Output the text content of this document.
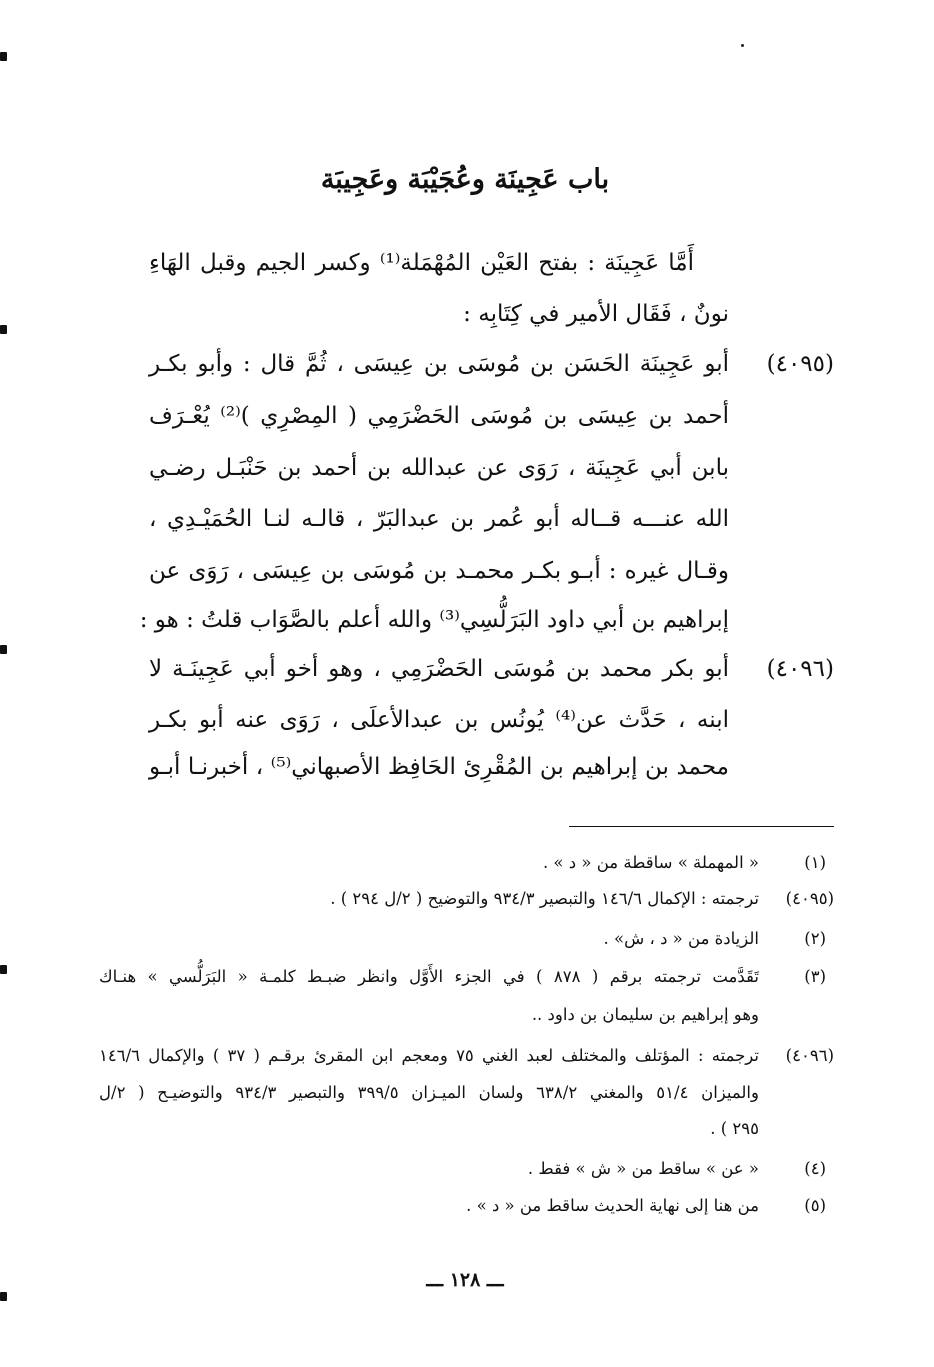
باب عَجِينَة وعُجَيْبَة وعَجِيبَة
أَمَّا عَجِينَة : بفتح العَيْن المُهْمَلة⁽¹⁾ وكسر الجيم وقبل الهَاءِ
نونٌ ، فَقَال الأمير في كِتَابِه :
(٤٠٩٥)
أبو عَجِينَة الحَسَن بن مُوسَى بن عِيسَى ، ثُمَّ قال : وأبو بكـر
أحمد بن عِيسَى بن مُوسَى الحَضْرَمِي ( المِصْرِي )⁽²⁾ يُعْـرَف
بابن أبي عَجِينَة ، رَوَى عن عبدالله بن أحمد بن حَنْبَـل رضـي
الله عنـــه قــاله أبو عُمر بن عبدالبَرّ ، قالـه لنـا الحُمَيْـدِي ،
وقـال غيره : أبـو بكـر محمـد بن مُوسَى بن عِيسَى ، رَوَى عن
إبراهيم بن أبي داود البَرَلُّسِي⁽³⁾ والله أعلم بالصَّوَاب قلتُ : هو :
(٤٠٩٦)
أبو بكر محمد بن مُوسَى الحَضْرَمِي ، وهو أخو أبي عَجِينَـة لا
ابنه ، حَدَّث عن⁽⁴⁾ يُونُس بن عبدالأعلَى ، رَوَى عنه أبو بكـر
محمد بن إبراهيم بن المُقْرِئ الحَافِظ الأصبهاني⁽⁵⁾ ، أخبرنـا أبـو
(١)
« المهملة » ساقطة من « د » .
(٤٠٩٥)
ترجمته : الإكمال ١٤٦/٦ والتبصير ٩٣٤/٣ والتوضيح ( ٢/ل ٢٩٤ ) .
(٢)
الزيادة من « د ، ش» .
(٣)
تَقَدَّمت ترجمته برقم ( ٨٧٨ ) في الجزء الأَوَّل وانظر ضبـط كلمـة « البَرَلُّسي » هنـاك
وهو إبراهيم بن سليمان بن داود ..
(٤٠٩٦)
ترجمته : المؤتلف والمختلف لعبد الغني ٧٥ ومعجم ابن المقرئ برقـم ( ٣٧ ) والإكمال ١٤٦/٦
والميزان ٥١/٤ والمغني ٦٣٨/٢ ولسان الميـزان ٣٩٩/٥ والتبصير ٩٣٤/٣ والتوضيـح ( ٢/ل
٢٩٥ ) .
(٤)
« عن » ساقط من « ش » فقط .
(٥)
من هنا إلى نهاية الحديث ساقط من « د » .
ـــ ١٢٨ ـــ
